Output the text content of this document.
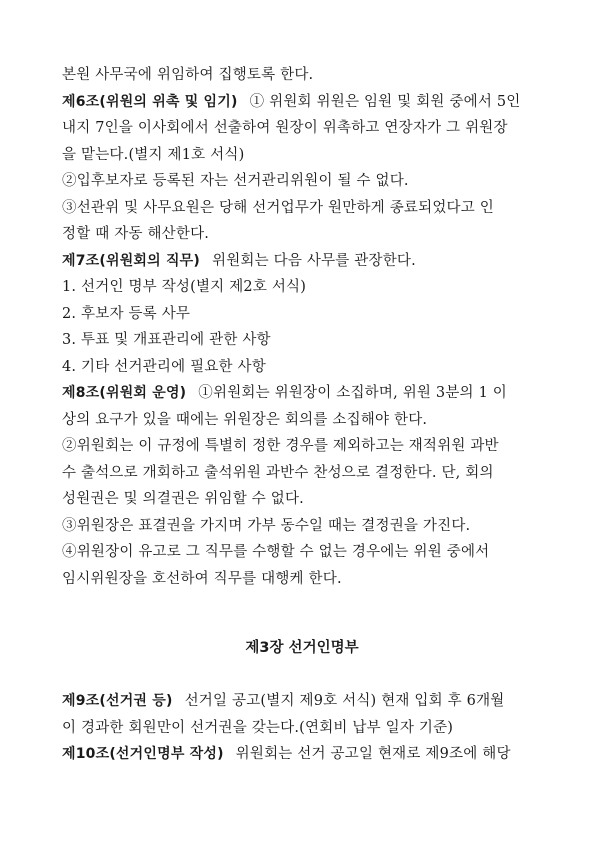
본원 사무국에 위임하여 집행토록 한다.
제6조(위원의 위촉 및 임기) ① 위원회 위원은 임원 및 회원 중에서 5인
내지 7인을 이사회에서 선출하여 원장이 위촉하고 연장자가 그 위원장
을 맡는다.(별지 제1호 서식)
②입후보자로 등록된 자는 선거관리위원이 될 수 없다.
③선관위 및 사무요원은 당해 선거업무가 원만하게 종료되었다고 인
정할 때 자동 해산한다.
제7조(위원회의 직무) 위원회는 다음 사무를 관장한다.
1. 선거인 명부 작성(별지 제2호 서식)
2. 후보자 등록 사무
3. 투표 및 개표관리에 관한 사항
4. 기타 선거관리에 필요한 사항
제8조(위원회 운영) ①위원회는 위원장이 소집하며, 위원 3분의 1 이
상의 요구가 있을 때에는 위원장은 회의를 소집해야 한다.
②위원회는 이 규정에 특별히 정한 경우를 제외하고는 재적위원 과반
수 출석으로 개회하고 출석위원 과반수 찬성으로 결정한다. 단, 회의
성원권은 및 의결권은 위임할 수 없다.
③위원장은 표결권을 가지며 가부 동수일 때는 결정권을 가진다.
④위원장이 유고로 그 직무를 수행할 수 없는 경우에는 위원 중에서
임시위원장을 호선하여 직무를 대행케 한다.
제3장 선거인명부
제9조(선거권 등) 선거일 공고(별지 제9호 서식) 현재 입회 후 6개월
이 경과한 회원만이 선거권을 갖는다.(연회비 납부 일자 기준)
제10조(선거인명부 작성) 위원회는 선거 공고일 현재로 제9조에 해당
